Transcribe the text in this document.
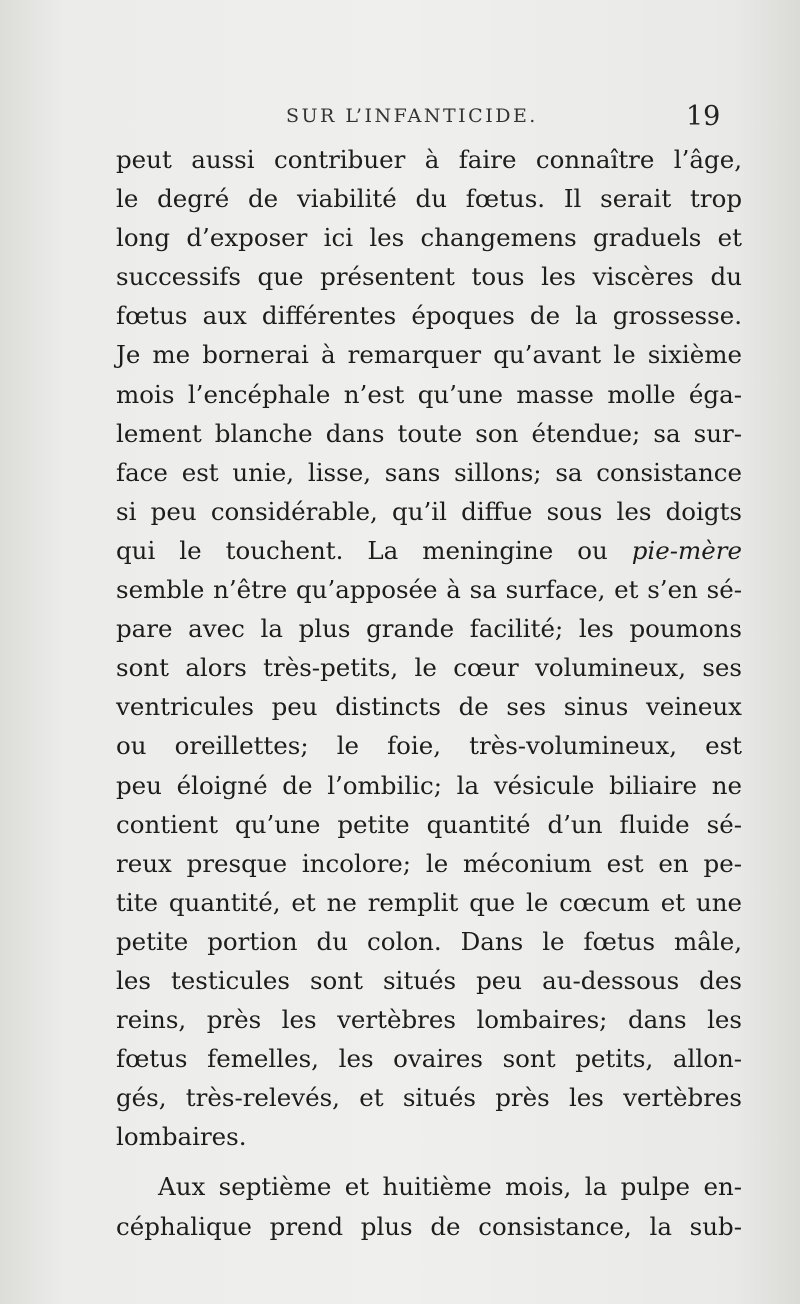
SUR L’INFANTICIDE.	19
peut aussi contribuer à faire connaître l’âge,
le degré de viabilité du fœtus. Il serait trop
long d’exposer ici les changemens graduels et
successifs que présentent tous les viscères du
fœtus aux différentes époques de la grossesse.
Je me bornerai à remarquer qu’avant le sixième
mois l’encéphale n’est qu’une masse molle éga-
lement blanche dans toute son étendue; sa sur-
face est unie, lisse, sans sillons; sa consistance
si peu considérable, qu’il diffue sous les doigts
qui le touchent. La meningine ou pie-mère
semble n’être qu’apposée à sa surface, et s’en sé-
pare avec la plus grande facilité; les poumons
sont alors très-petits, le cœur volumineux, ses
ventricules peu distincts de ses sinus veineux
ou oreillettes; le foie, très-volumineux, est
peu éloigné de l’ombilic; la vésicule biliaire ne
contient qu’une petite quantité d’un fluide sé-
reux presque incolore; le méconium est en pe-
tite quantité, et ne remplit que le cœcum et une
petite portion du colon. Dans le fœtus mâle,
les testicules sont situés peu au-dessous des
reins, près les vertèbres lombaires; dans les
fœtus femelles, les ovaires sont petits, allon-
gés, très-relevés, et situés près les vertèbres
lombaires.
Aux septième et huitième mois, la pulpe en-
céphalique prend plus de consistance, la sub-
